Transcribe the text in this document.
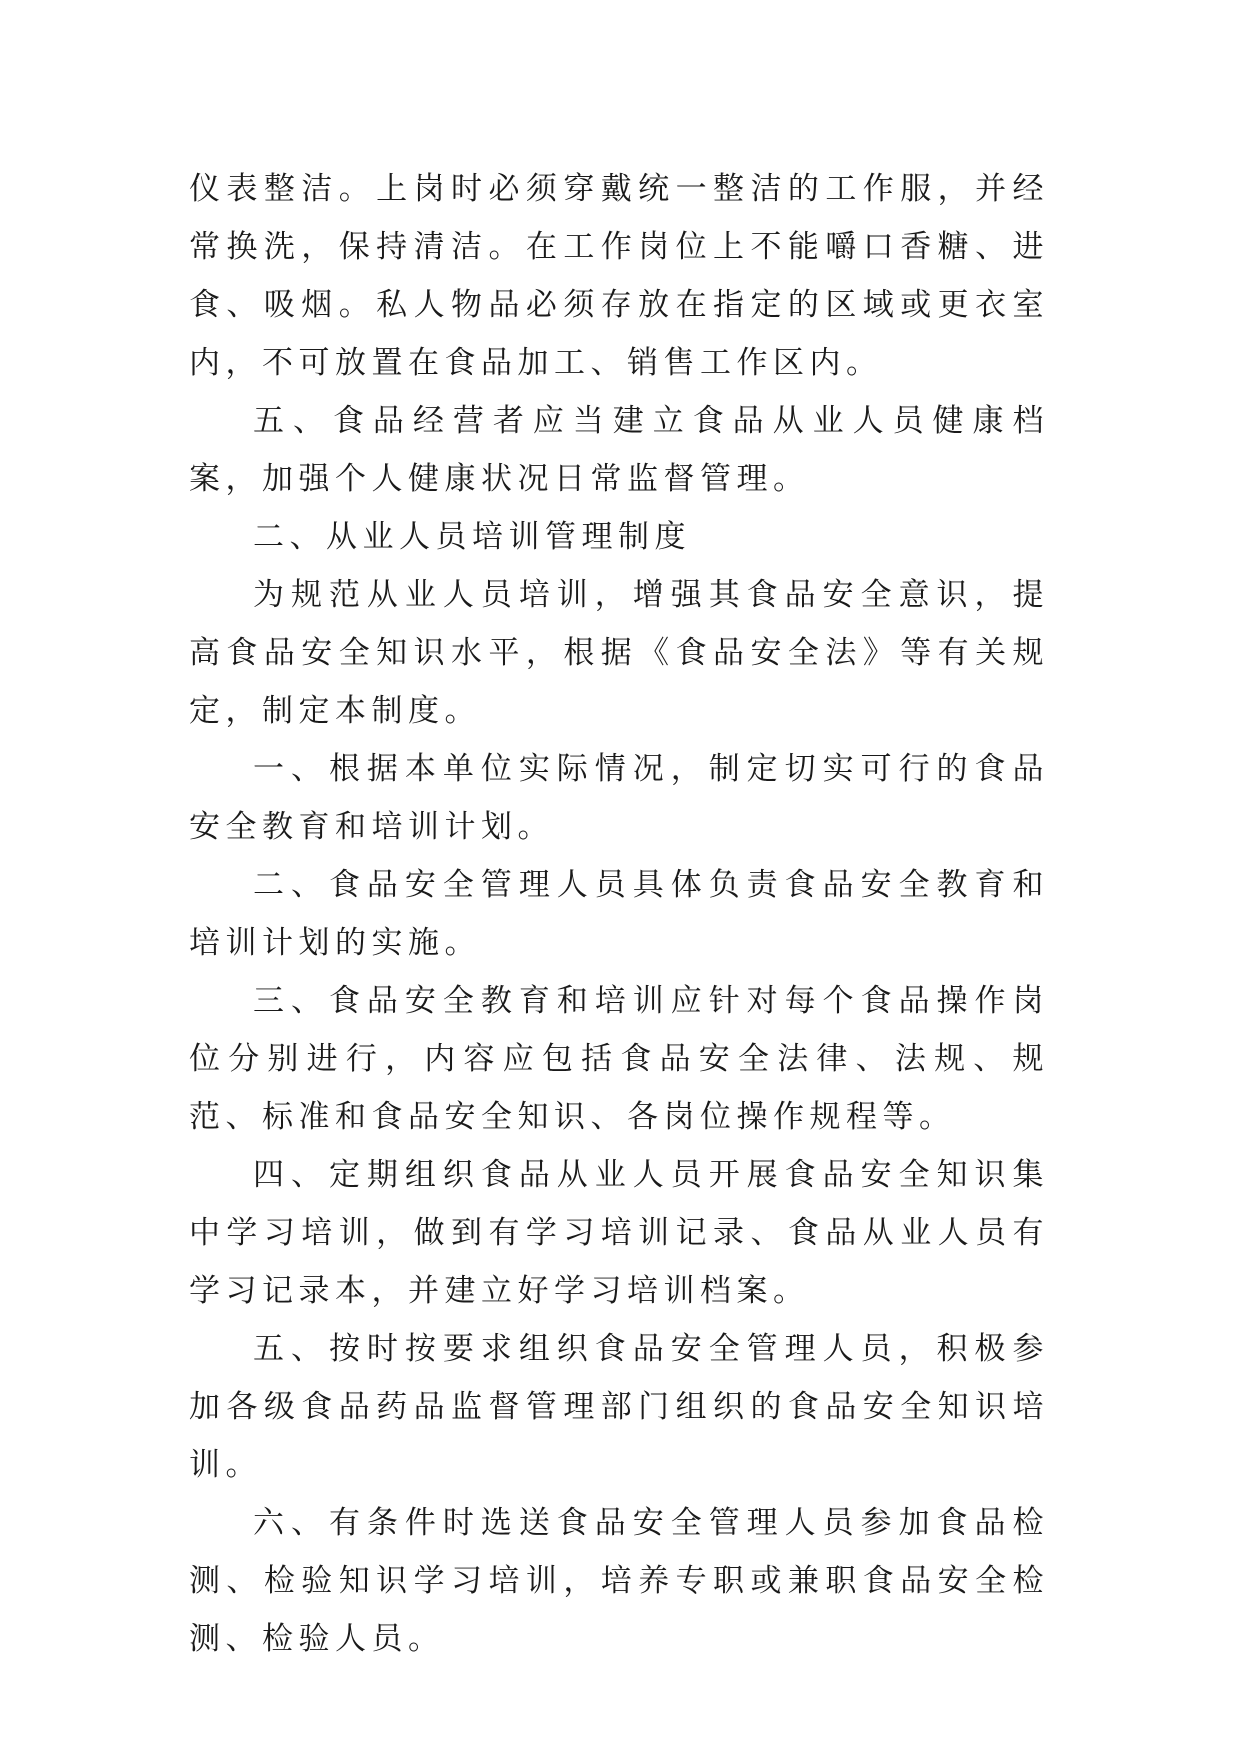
仪表整洁。上岗时必须穿戴统一整洁的工作服，并经常换洗，保持清洁。在工作岗位上不能嚼口香糖、进食、吸烟。私人物品必须存放在指定的区域或更衣室内，不可放置在食品加工、销售工作区内。

五、食品经营者应当建立食品从业人员健康档案，加强个人健康状况日常监督管理。

二、从业人员培训管理制度

为规范从业人员培训，增强其食品安全意识，提高食品安全知识水平，根据《食品安全法》等有关规定，制定本制度。

一、根据本单位实际情况，制定切实可行的食品安全教育和培训计划。

二、食品安全管理人员具体负责食品安全教育和培训计划的实施。

三、食品安全教育和培训应针对每个食品操作岗位分别进行，内容应包括食品安全法律、法规、规范、标准和食品安全知识、各岗位操作规程等。

四、定期组织食品从业人员开展食品安全知识集中学习培训，做到有学习培训记录、食品从业人员有学习记录本，并建立好学习培训档案。

五、按时按要求组织食品安全管理人员，积极参加各级食品药品监督管理部门组织的食品安全知识培训。

六、有条件时选送食品安全管理人员参加食品检测、检验知识学习培训，培养专职或兼职食品安全检测、检验人员。
